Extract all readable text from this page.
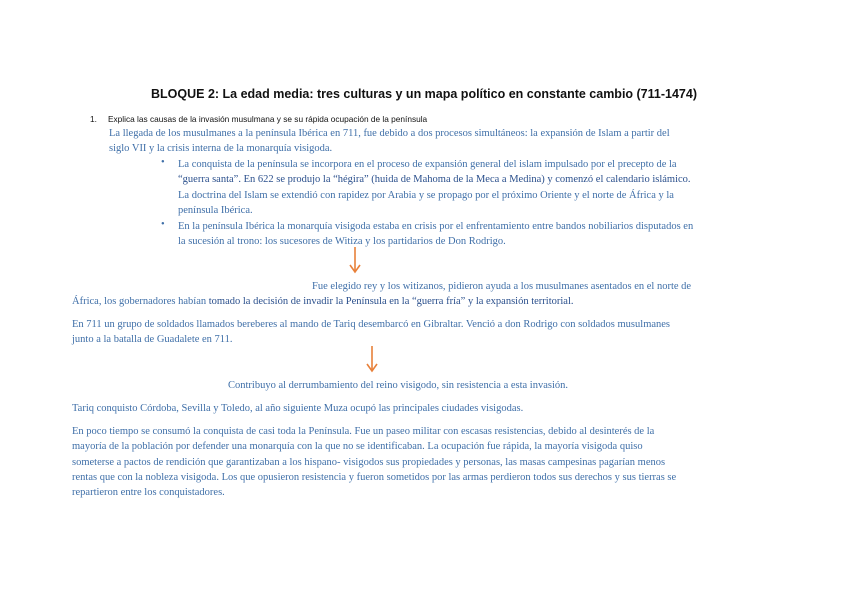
BLOQUE 2: La edad media: tres culturas y un mapa político en constante cambio (711-1474)
1. Explica las causas de la invasión musulmana y se su rápida ocupación de la península
La llegada de los musulmanes a la península Ibérica en 711, fue debido a dos procesos simultáneos: la expansión de Islam a partir del
siglo VII y la crisis interna de la monarquía visigoda.
• La conquista de la península se incorpora en el proceso de expansión general del islam impulsado por el precepto de la
“guerra santa”. En 622 se produjo la “hégira” (huida de Mahoma de la Meca a Medina) y comenzó el calendario islámico.
La doctrina del Islam se extendió con rapidez por Arabia y se propago por el próximo Oriente y el norte de África y la
península Ibérica.
• En la península Ibérica la monarquía visigoda estaba en crisis por el enfrentamiento entre bandos nobiliarios disputados en
la sucesión al trono: los sucesores de Witiza y los partidarios de Don Rodrigo.
Fue elegido rey y los witizanos, pidieron ayuda a los musulmanes asentados en el norte de
África, los gobernadores habían tomado la decisión de invadir la Península en la “guerra fría” y la expansión territorial.
En 711 un grupo de soldados llamados bereberes al mando de Tariq desembarcó en Gibraltar. Venció a don Rodrigo con soldados musulmanes
junto a la batalla de Guadalete en 711.
Contribuyo al derrumbamiento del reino visigodo, sin resistencia a esta invasión.
Tariq conquisto Córdoba, Sevilla y Toledo, al año siguiente Muza ocupó las principales ciudades visigodas.
En poco tiempo se consumó la conquista de casi toda la Península. Fue un paseo militar con escasas resistencias, debido al desinterés de la
mayoría de la población por defender una monarquía con la que no se identificaban. La ocupación fue rápida, la mayoría visigoda quiso
someterse a pactos de rendición que garantizaban a los hispano- visigodos sus propiedades y personas, las masas campesinas pagarían menos
rentas que con la nobleza visigoda. Los que opusieron resistencia y fueron sometidos por las armas perdieron todos sus derechos y sus tierras se
repartieron entre los conquistadores.
